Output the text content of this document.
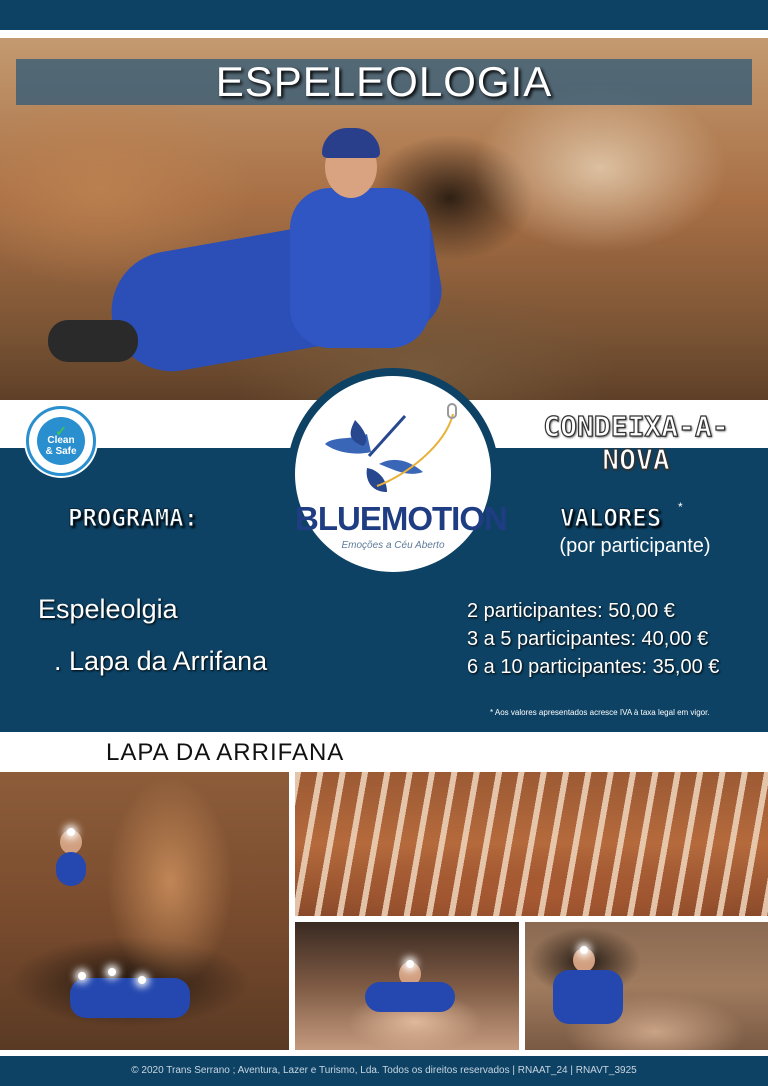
ESPELEOLOGIA
✓
Clean
& Safe
BLUEMOTION
Emoções a Céu Aberto
CONDEIXA-A-NOVA
PROGRAMA:
Espeleolgia
. Lapa da Arrifana
VALORES	*
(por participante)
2 participantes: 50,00 €
3 a 5 participantes: 40,00 €
6 a 10 participantes: 35,00 €
* Aos valores apresentados acresce IVA à taxa legal em vigor.
LAPA DA ARRIFANA
© 2020 Trans Serrano ; Aventura, Lazer e Turismo, Lda. Todos os direitos reservados | RNAAT_24 | RNAVT_3925
